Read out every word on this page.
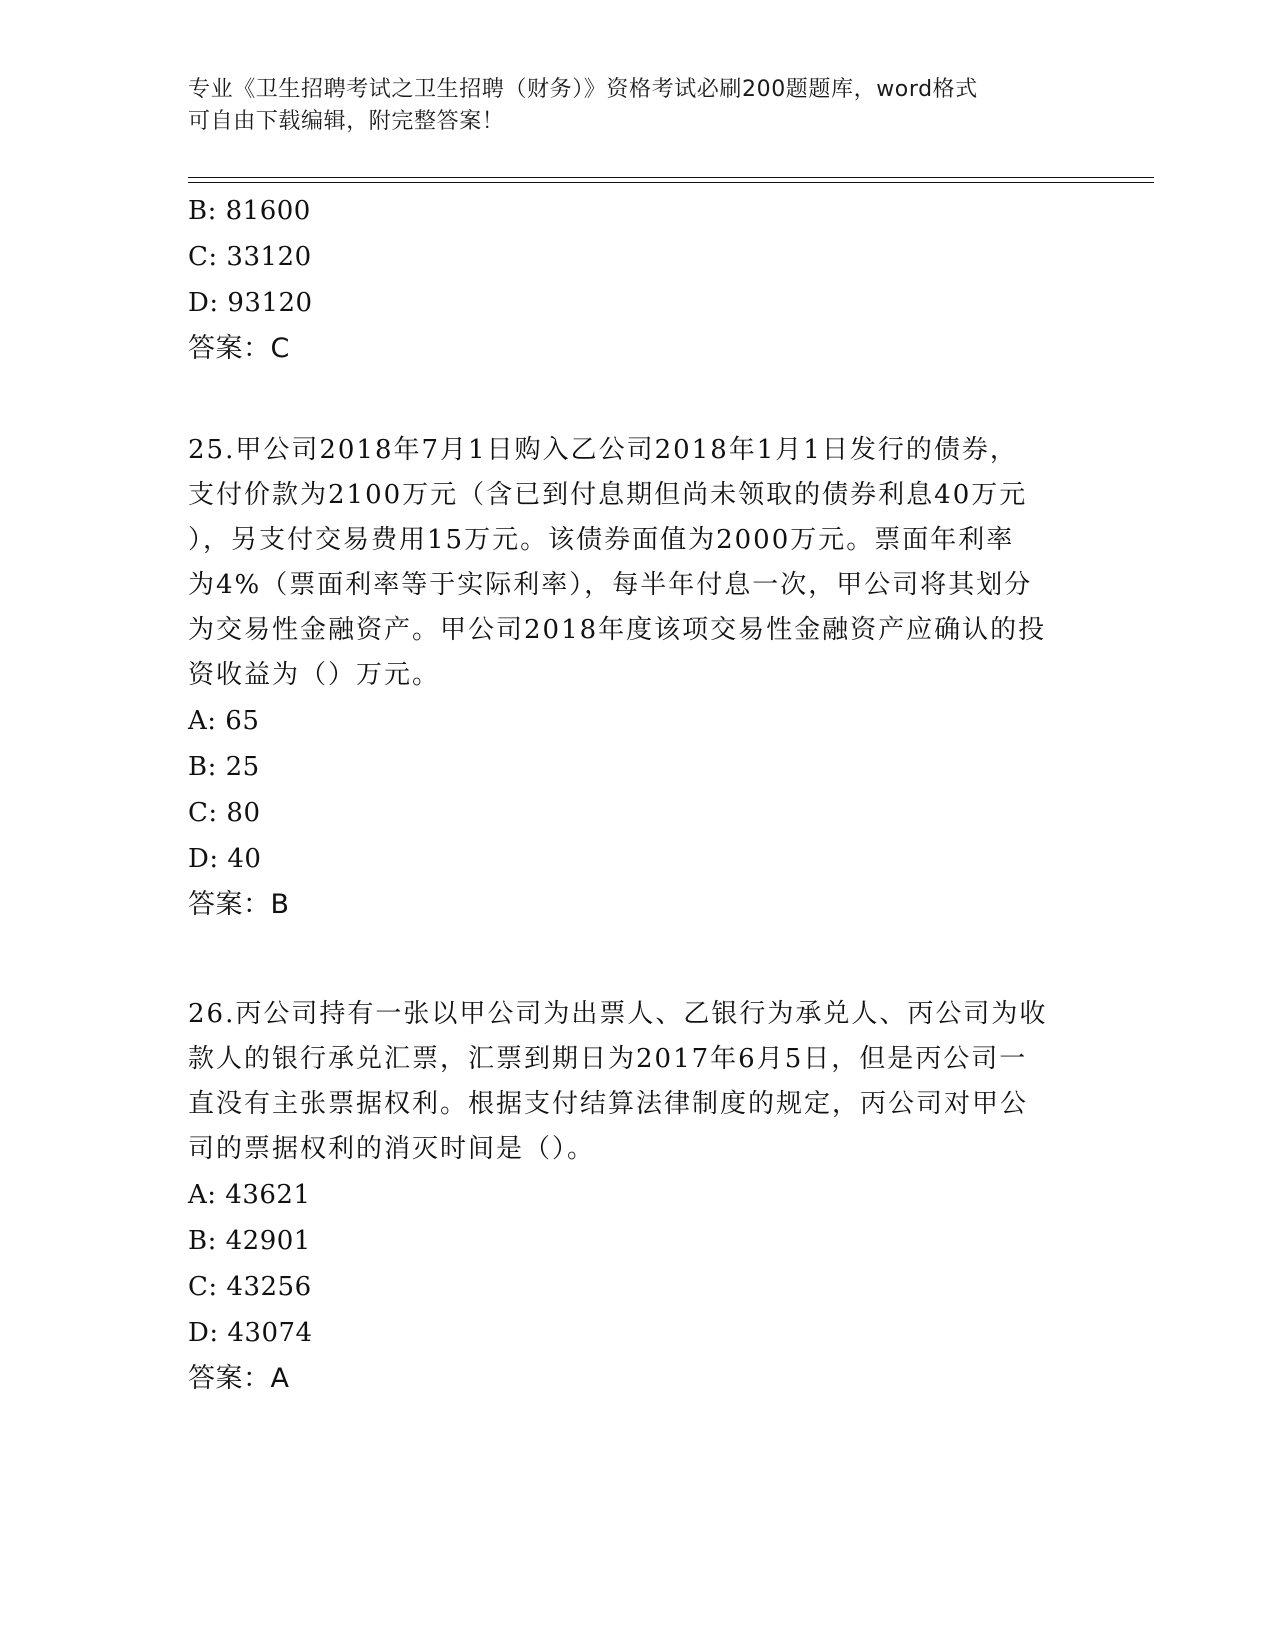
专业《卫生招聘考试之卫生招聘（财务）》资格考试必刷200题题库，word格式
可自由下载编辑，附完整答案！
B: 81600
C: 33120
D: 93120
答案：C
25.甲公司2018年7月1日购入乙公司2018年1月1日发行的债券，
支付价款为2100万元（含已到付息期但尚未领取的债券利息40万元
），另支付交易费用15万元。该债券面值为2000万元。票面年利率
为4%（票面利率等于实际利率），每半年付息一次，甲公司将其划分
为交易性金融资产。甲公司2018年度该项交易性金融资产应确认的投
资收益为（）万元。
A: 65
B: 25
C: 80
D: 40
答案：B
26.丙公司持有一张以甲公司为出票人、乙银行为承兑人、丙公司为收
款人的银行承兑汇票，汇票到期日为2017年6月5日，但是丙公司一
直没有主张票据权利。根据支付结算法律制度的规定，丙公司对甲公
司的票据权利的消灭时间是（）。
A: 43621
B: 42901
C: 43256
D: 43074
答案：A
